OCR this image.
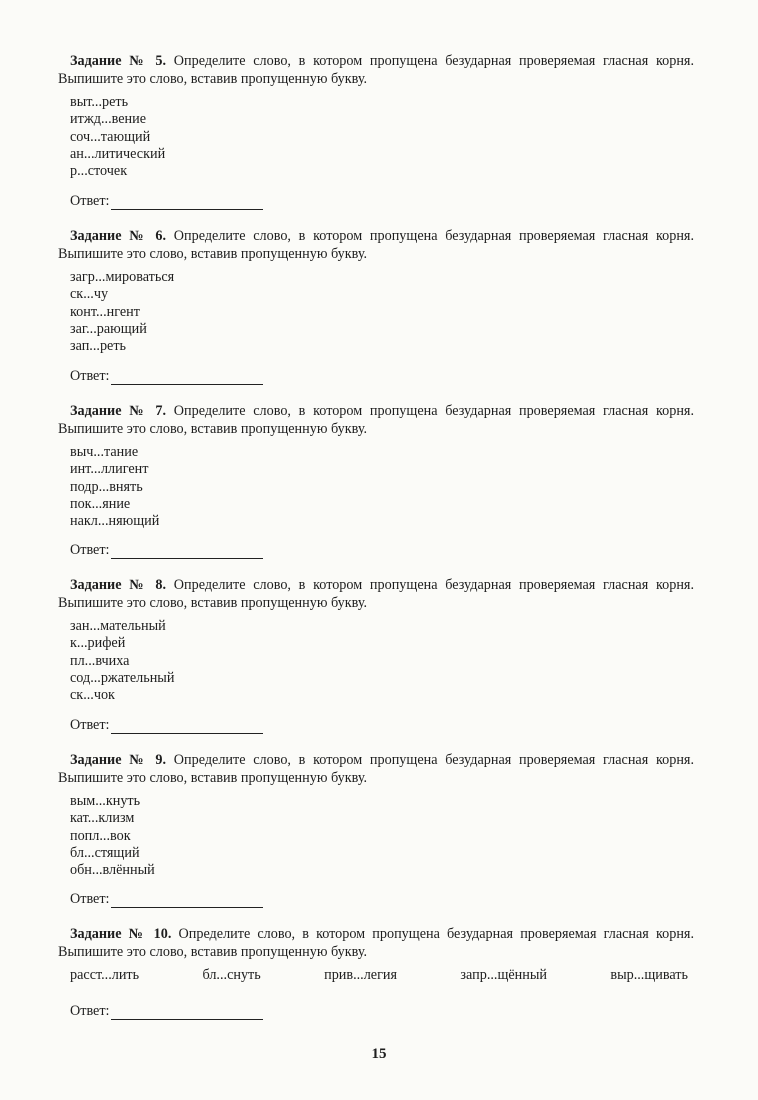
Задание № 5. Определите слово, в котором пропущена безударная проверяемая гласная корня. Выпишите это слово, вставив пропущенную букву.
выт...реть
итжд...вение
соч...тающий
ан...литический
р...сточек
Ответ:
Задание № 6. Определите слово, в котором пропущена безударная проверяемая гласная корня. Выпишите это слово, вставив пропущенную букву.
загр...мироваться
ск...чу
конт...нгент
заг...рающий
зап...реть
Ответ:
Задание № 7. Определите слово, в котором пропущена безударная проверяемая гласная корня. Выпишите это слово, вставив пропущенную букву.
выч...тание
инт...ллигент
подр...внять
пок...яние
накл...няющий
Ответ:
Задание № 8. Определите слово, в котором пропущена безударная проверяемая гласная корня. Выпишите это слово, вставив пропущенную букву.
зан...мательный
к...рифей
пл...вчиха
сод...ржательный
ск...чок
Ответ:
Задание № 9. Определите слово, в котором пропущена безударная проверяемая гласная корня. Выпишите это слово, вставив пропущенную букву.
вым...кнуть
кат...клизм
попл...вок
бл...стящий
обн...влённый
Ответ:
Задание № 10. Определите слово, в котором пропущена безударная проверяемая гласная корня. Выпишите это слово, вставив пропущенную букву.
расст...лить	бл...снуть	прив...легия	запр...щённый	выр...щивать
Ответ:
15
